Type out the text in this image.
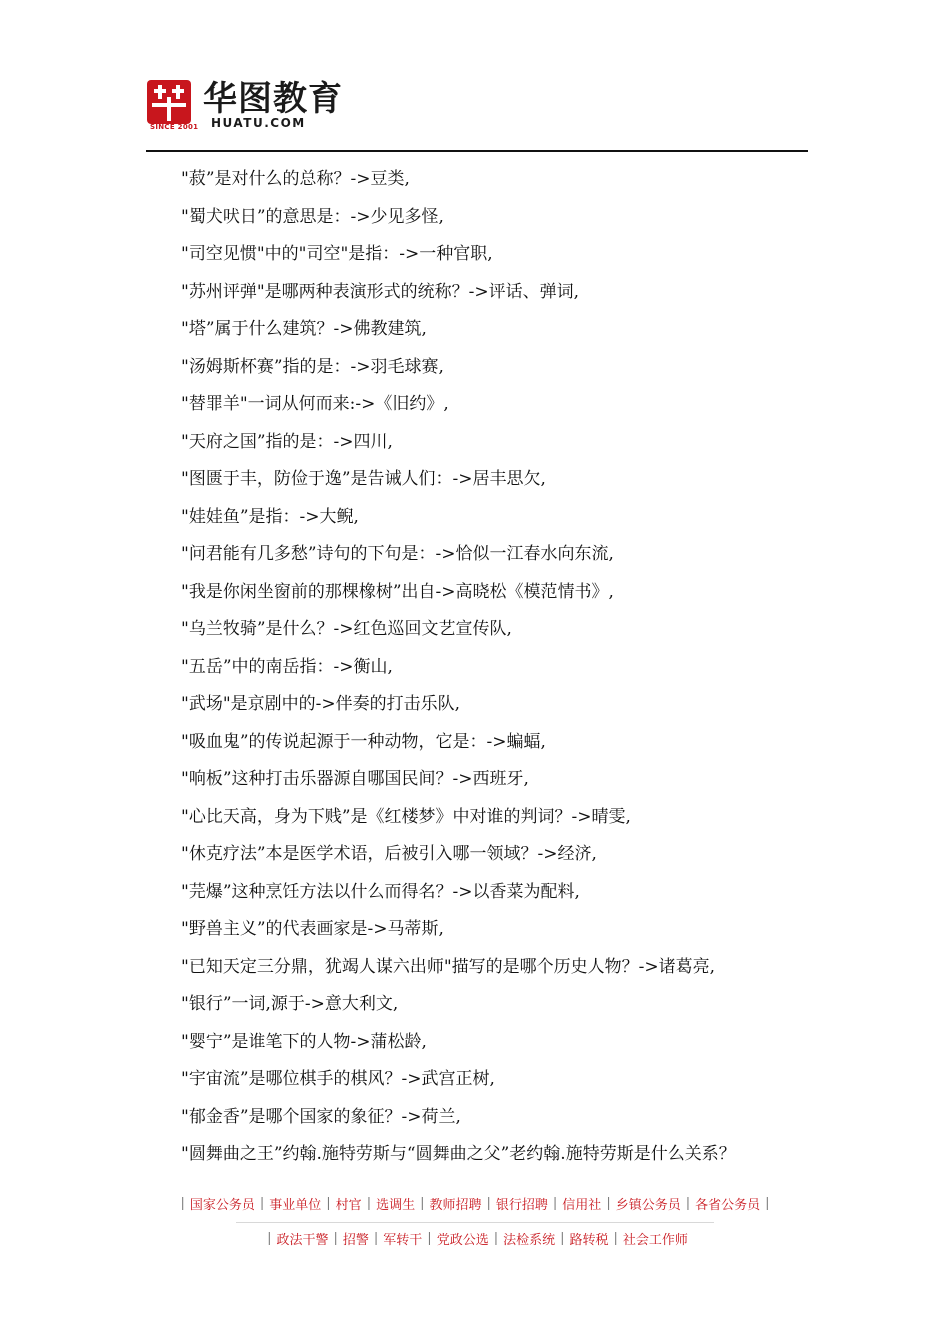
SINCE 2001
华图教育
HUATU.COM
"菽”是对什么的总称？->豆类,
"蜀犬吠日”的意思是：->少见多怪,
"司空见惯"中的"司空"是指：->一种官职,
"苏州评弹"是哪两种表演形式的统称？->评话、弹词,
"塔”属于什么建筑？->佛教建筑,
"汤姆斯杯赛”指的是：->羽毛球赛,
"替罪羊"一词从何而来:->《旧约》,
"天府之国”指的是：->四川,
"图匮于丰，防俭于逸”是告诫人们：->居丰思欠,
"娃娃鱼”是指：->大鲵,
"问君能有几多愁”诗句的下句是：->恰似一江春水向东流,
"我是你闲坐窗前的那棵橡树”出自->高晓松《模范情书》,
"乌兰牧骑”是什么？->红色巡回文艺宣传队,
"五岳”中的南岳指：->衡山,
"武场"是京剧中的->伴奏的打击乐队,
"吸血鬼”的传说起源于一种动物，它是：->蝙蝠,
"响板”这种打击乐器源自哪国民间？->西班牙,
"心比天高，身为下贱”是《红楼梦》中对谁的判词？->晴雯,
"休克疗法”本是医学术语，后被引入哪一领域？->经济,
"芫爆”这种烹饪方法以什么而得名？->以香菜为配料,
"野兽主义”的代表画家是->马蒂斯,
"已知天定三分鼎，犹竭人谋六出师"描写的是哪个历史人物？->诸葛亮,
"银行”一词,源于->意大利文,
"婴宁”是谁笔下的人物->蒲松龄,
"宇宙流”是哪位棋手的棋风？->武宫正树,
"郁金香”是哪个国家的象征？->荷兰,
"圆舞曲之王”约翰.施特劳斯与“圆舞曲之父”老约翰.施特劳斯是什么关系？
| 国家公务员 | 事业单位 | 村官 | 选调生 | 教师招聘 | 银行招聘 | 信用社 | 乡镇公务员 | 各省公务员 |
| 政法干警 | 招警 | 军转干 | 党政公选 | 法检系统 | 路转税 | 社会工作师
